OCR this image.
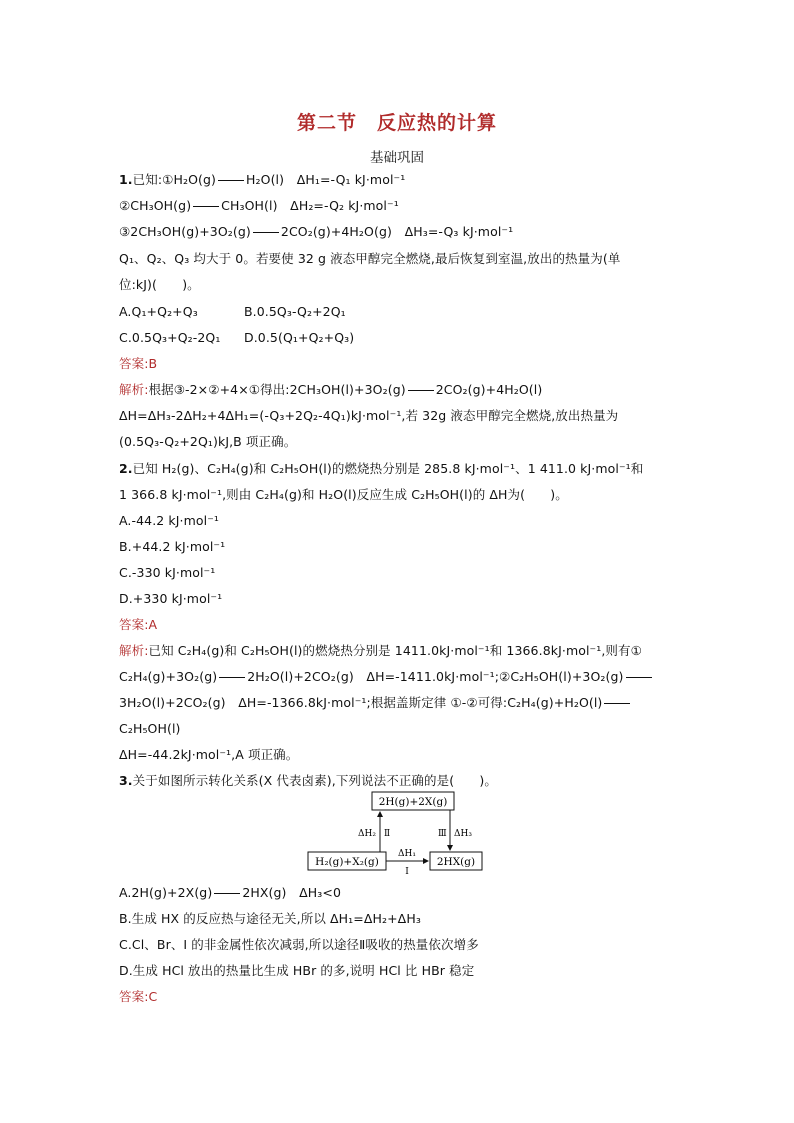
第二节　反应热的计算
基础巩固
1.已知:①H₂O(g) H₂O(l)　ΔH₁=-Q₁ kJ·mol⁻¹
②CH₃OH(g) CH₃OH(l)　ΔH₂=-Q₂ kJ·mol⁻¹
③2CH₃OH(g)+3O₂(g) 2CO₂(g)+4H₂O(g)　ΔH₃=-Q₃ kJ·mol⁻¹
Q₁、Q₂、Q₃ 均大于 0。若要使 32 g 液态甲醇完全燃烧,最后恢复到室温,放出的热量为(单
位:kJ)(　　)。
A.Q₁+Q₂+Q₃	B.0.5Q₃-Q₂+2Q₁
C.0.5Q₃+Q₂-2Q₁ D.0.5(Q₁+Q₂+Q₃)
答案:B
解析:根据③-2×②+4×①得出:2CH₃OH(l)+3O₂(g) 2CO₂(g)+4H₂O(l)
ΔH=ΔH₃-2ΔH₂+4ΔH₁=(-Q₃+2Q₂-4Q₁)kJ·mol⁻¹,若 32g 液态甲醇完全燃烧,放出热量为
(0.5Q₃-Q₂+2Q₁)kJ,B 项正确。
2.已知 H₂(g)、C₂H₄(g)和 C₂H₅OH(l)的燃烧热分别是 285.8 kJ·mol⁻¹、1 411.0 kJ·mol⁻¹和
1 366.8 kJ·mol⁻¹,则由 C₂H₄(g)和 H₂O(l)反应生成 C₂H₅OH(l)的 ΔH为(　　)。
A.-44.2 kJ·mol⁻¹
B.+44.2 kJ·mol⁻¹
C.-330 kJ·mol⁻¹
D.+330 kJ·mol⁻¹
答案:A
解析:已知 C₂H₄(g)和 C₂H₅OH(l)的燃烧热分别是 1411.0kJ·mol⁻¹和 1366.8kJ·mol⁻¹,则有①
C₂H₄(g)+3O₂(g) 2H₂O(l)+2CO₂(g)　ΔH=-1411.0kJ·mol⁻¹;②C₂H₅OH(l)+3O₂(g)
3H₂O(l)+2CO₂(g)　ΔH=-1366.8kJ·mol⁻¹;根据盖斯定律 ①-②可得:C₂H₄(g)+H₂O(l)
C₂H₅OH(l)
ΔH=-44.2kJ·mol⁻¹,A 项正确。
3.关于如图所示转化关系(X 代表卤素),下列说法不正确的是(　　)。
2H(g)+2X(g)
H₂(g)+X₂(g)	2HX(g)
ΔH₂ Ⅱ	Ⅲ ΔH₃
ΔH₁
Ⅰ
A.2H(g)+2X(g) 2HX(g)　ΔH₃<0
B.生成 HX 的反应热与途径无关,所以 ΔH₁=ΔH₂+ΔH₃
C.Cl、Br、I 的非金属性依次减弱,所以途径Ⅱ吸收的热量依次增多
D.生成 HCl 放出的热量比生成 HBr 的多,说明 HCl 比 HBr 稳定
答案:C
